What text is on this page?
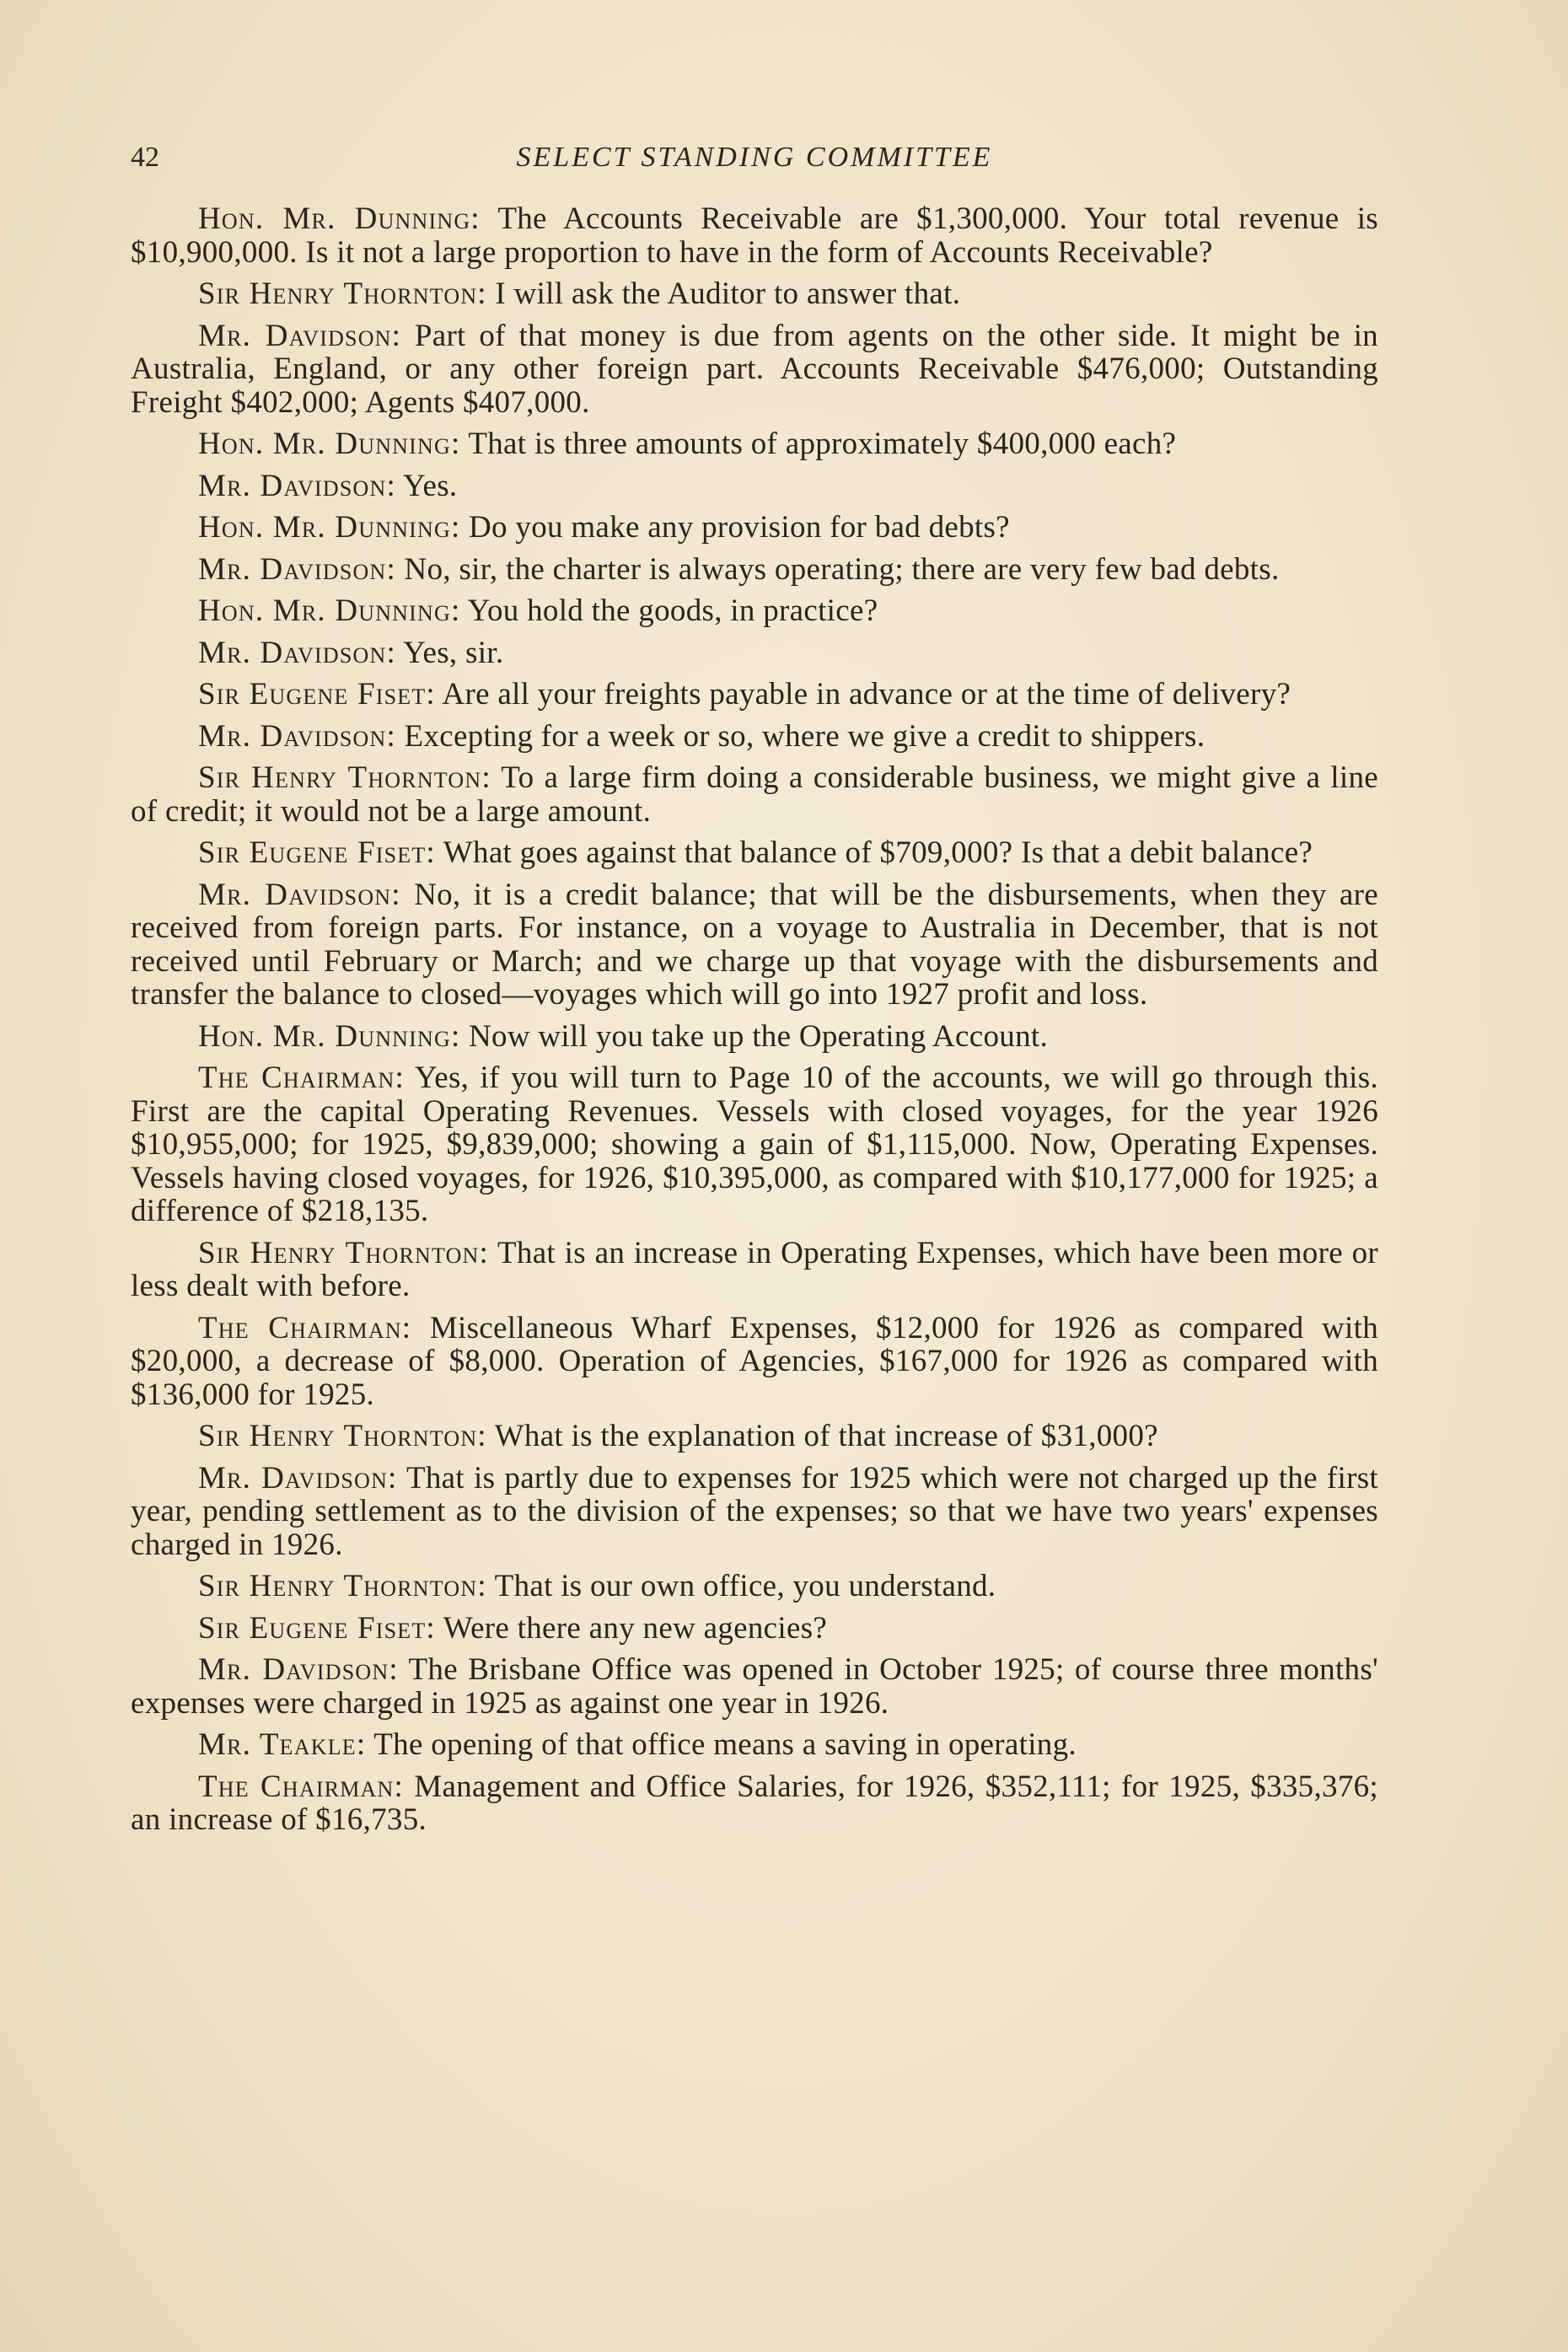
42	SELECT STANDING COMMITTEE

Hon. Mr. Dunning: The Accounts Receivable are $1,300,000. Your total revenue is $10,900,000. Is it not a large proportion to have in the form of Accounts Receivable?

Sir Henry Thornton: I will ask the Auditor to answer that.

Mr. Davidson: Part of that money is due from agents on the other side. It might be in Australia, England, or any other foreign part. Accounts Receivable $476,000; Outstanding Freight $402,000; Agents $407,000.

Hon. Mr. Dunning: That is three amounts of approximately $400,000 each?

Mr. Davidson: Yes.

Hon. Mr. Dunning: Do you make any provision for bad debts?

Mr. Davidson: No, sir, the charter is always operating; there are very few bad debts.

Hon. Mr. Dunning: You hold the goods, in practice?

Mr. Davidson: Yes, sir.

Sir Eugene Fiset: Are all your freights payable in advance or at the time of delivery?

Mr. Davidson: Excepting for a week or so, where we give a credit to shippers.

Sir Henry Thornton: To a large firm doing a considerable business, we might give a line of credit; it would not be a large amount.

Sir Eugene Fiset: What goes against that balance of $709,000? Is that a debit balance?

Mr. Davidson: No, it is a credit balance; that will be the disbursements, when they are received from foreign parts. For instance, on a voyage to Australia in December, that is not received until February or March; and we charge up that voyage with the disbursements and transfer the balance to closed—voyages which will go into 1927 profit and loss.

Hon. Mr. Dunning: Now will you take up the Operating Account.

The Chairman: Yes, if you will turn to Page 10 of the accounts, we will go through this. First are the capital Operating Revenues. Vessels with closed voyages, for the year 1926 $10,955,000; for 1925, $9,839,000; showing a gain of $1,115,000. Now, Operating Expenses. Vessels having closed voyages, for 1926, $10,395,000, as compared with $10,177,000 for 1925; a difference of $218,135.

Sir Henry Thornton: That is an increase in Operating Expenses, which have been more or less dealt with before.

The Chairman: Miscellaneous Wharf Expenses, $12,000 for 1926 as compared with $20,000, a decrease of $8,000. Operation of Agencies, $167,000 for 1926 as compared with $136,000 for 1925.

Sir Henry Thornton: What is the explanation of that increase of $31,000?

Mr. Davidson: That is partly due to expenses for 1925 which were not charged up the first year, pending settlement as to the division of the expenses; so that we have two years' expenses charged in 1926.

Sir Henry Thornton: That is our own office, you understand.

Sir Eugene Fiset: Were there any new agencies?

Mr. Davidson: The Brisbane Office was opened in October 1925; of course three months' expenses were charged in 1925 as against one year in 1926.

Mr. Teakle: The opening of that office means a saving in operating.

The Chairman: Management and Office Salaries, for 1926, $352,111; for 1925, $335,376; an increase of $16,735.
